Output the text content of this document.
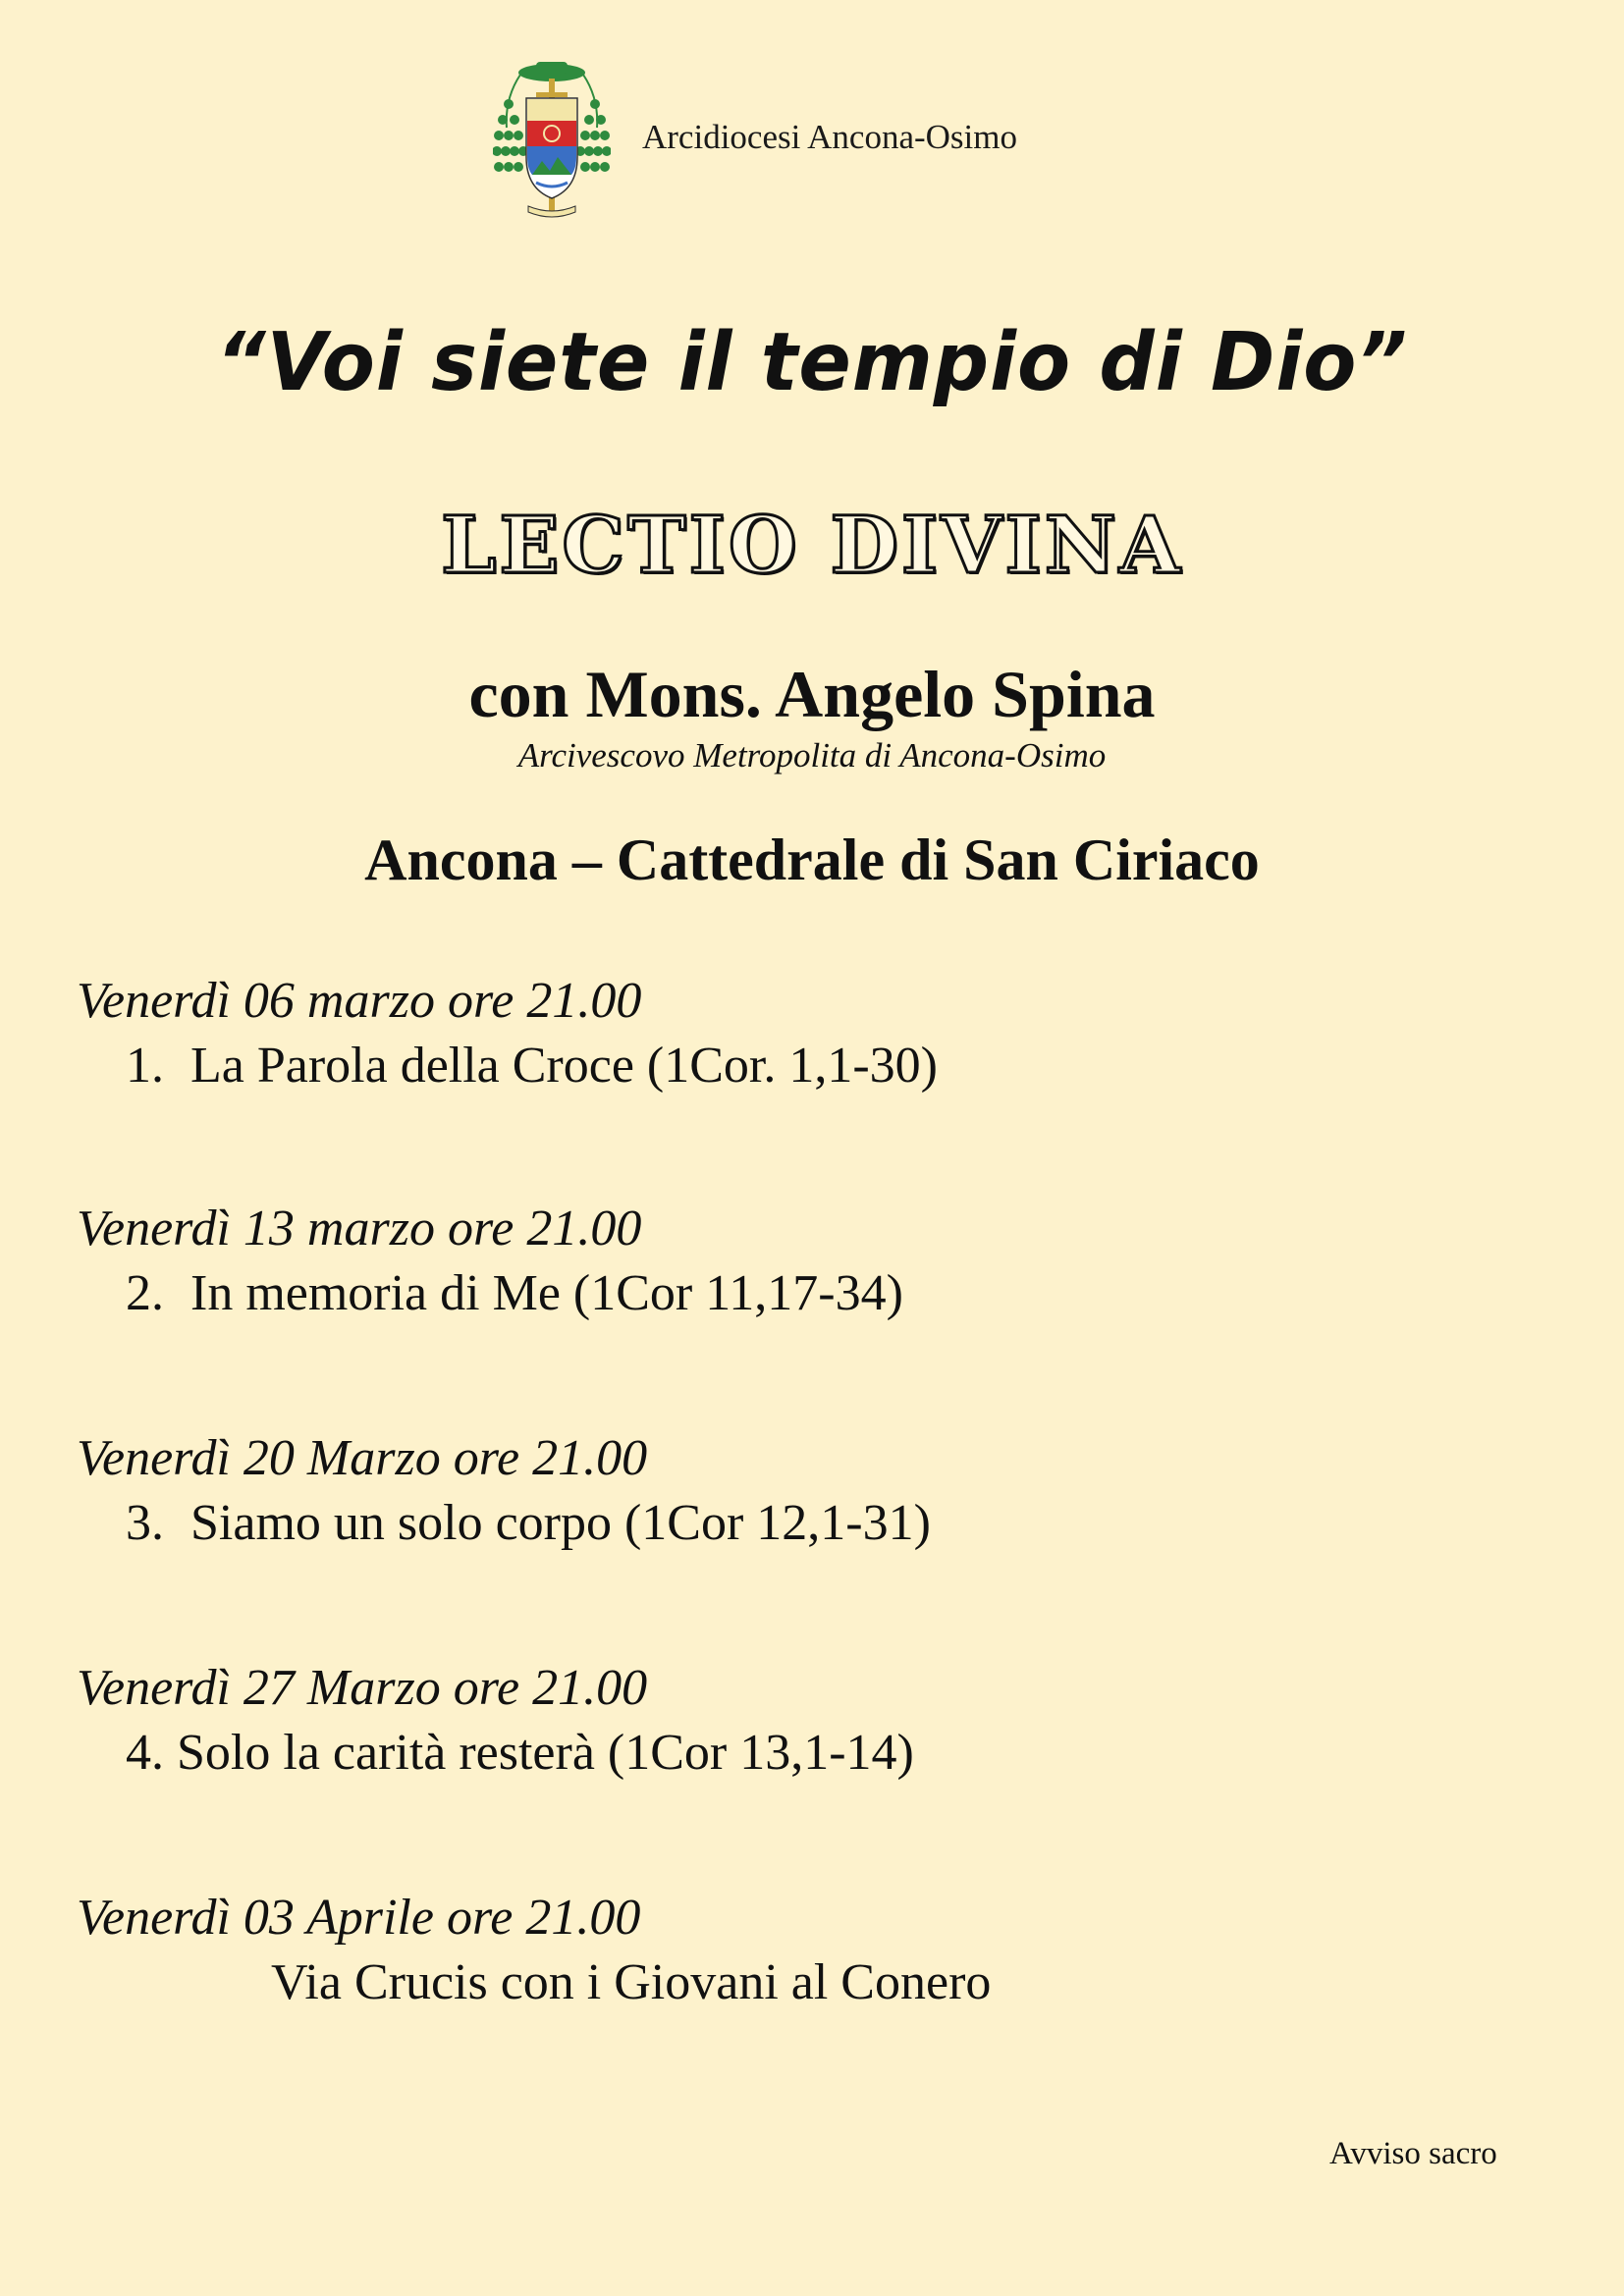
Arcidiocesi Ancona-Osimo
“Voi siete il tempio di Dio”
LECTIO DIVINA
con Mons. Angelo Spina
Arcivescovo Metropolita di Ancona-Osimo
Ancona – Cattedrale di San Ciriaco
Venerdì 06 marzo ore 21.00
1. La Parola della Croce (1Cor. 1,1-30)
Venerdì 13 marzo ore 21.00
2. In memoria di Me (1Cor 11,17-34)
Venerdì 20 Marzo ore 21.00
3. Siamo un solo corpo (1Cor 12,1-31)
Venerdì 27 Marzo ore 21.00
4. Solo la carità resterà (1Cor 13,1-14)
Venerdì 03 Aprile ore 21.00
Via Crucis con i Giovani al Conero
Avviso sacro
